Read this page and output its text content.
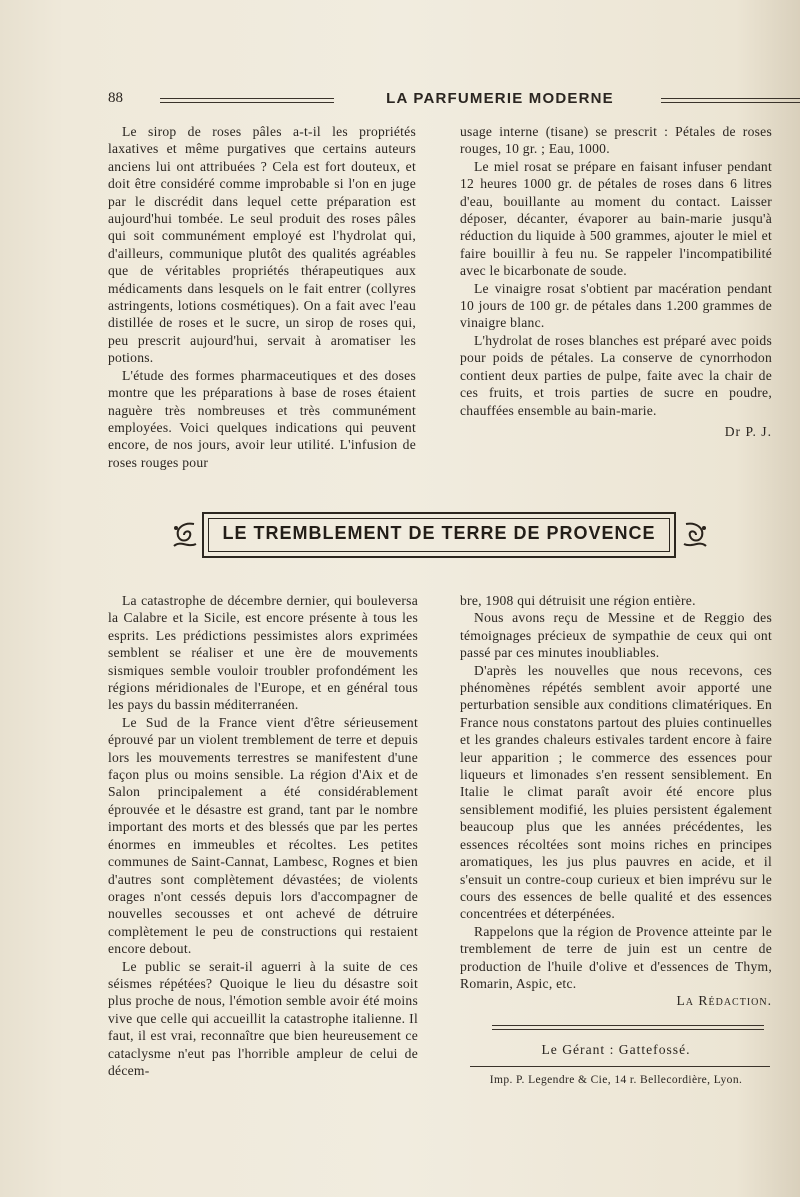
88	LA PARFUMERIE MODERNE

Le sirop de roses pâles a-t-il les propriétés laxatives et même purgatives que certains auteurs anciens lui ont attribuées ? Cela est fort douteux, et doit être considéré comme improbable si l'on en juge par le discrédit dans lequel cette préparation est aujourd'hui tombée. Le seul produit des roses pâles qui soit communément employé est l'hydrolat qui, d'ailleurs, communique plutôt des qualités agréables que de véritables propriétés thérapeutiques aux médicaments dans lesquels on le fait entrer (collyres astringents, lotions cosmétiques). On a fait avec l'eau distillée de roses et le sucre, un sirop de roses qui, peu prescrit aujourd'hui, servait à aromatiser les potions.

L'étude des formes pharmaceutiques et des doses montre que les préparations à base de roses étaient naguère très nombreuses et très communément employées. Voici quelques indications qui peuvent encore, de nos jours, avoir leur utilité. L'infusion de roses rouges pour

usage interne (tisane) se prescrit : Pétales de roses rouges, 10 gr. ; Eau, 1000.

Le miel rosat se prépare en faisant infuser pendant 12 heures 1000 gr. de pétales de roses dans 6 litres d'eau, bouillante au moment du contact. Laisser déposer, décanter, évaporer au bain-marie jusqu'à réduction du liquide à 500 grammes, ajouter le miel et faire bouillir à feu nu. Se rappeler l'incompatibilité avec le bicarbonate de soude.

Le vinaigre rosat s'obtient par macération pendant 10 jours de 100 gr. de pétales dans 1.200 grammes de vinaigre blanc.

L'hydrolat de roses blanches est préparé avec poids pour poids de pétales. La conserve de cynorrhodon contient deux parties de pulpe, faite avec la chair de ces fruits, et trois parties de sucre en poudre, chauffées ensemble au bain-marie.

Dr P. J.
LE TREMBLEMENT DE TERRE DE PROVENCE

La catastrophe de décembre dernier, qui bouleversa la Calabre et la Sicile, est encore présente à tous les esprits. Les prédictions pessimistes alors exprimées semblent se réaliser et une ère de mouvements sismiques semble vouloir troubler profondément les régions méridionales de l'Europe, et en général tous les pays du bassin méditerranéen.

Le Sud de la France vient d'être sérieusement éprouvé par un violent tremblement de terre et depuis lors les mouvements terrestres se manifestent d'une façon plus ou moins sensible. La région d'Aix et de Salon principalement a été considérablement éprouvée et le désastre est grand, tant par le nombre important des morts et des blessés que par les pertes énormes en immeubles et récoltes. Les petites communes de Saint-Cannat, Lambesc, Rognes et bien d'autres sont complètement dévastées; de violents orages n'ont cessés depuis lors d'accompagner de nouvelles secousses et ont achevé de détruire complètement le peu de constructions qui restaient encore debout.

Le public se serait-il aguerri à la suite de ces séismes répétées? Quoique le lieu du désastre soit plus proche de nous, l'émotion semble avoir été moins vive que celle qui accueillit la catastrophe italienne. Il faut, il est vrai, reconnaître que bien heureusement ce cataclysme n'eut pas l'horrible ampleur de celui de décem-

bre, 1908 qui détruisit une région entière.

Nous avons reçu de Messine et de Reggio des témoignages précieux de sympathie de ceux qui ont passé par ces minutes inoubliables.

D'après les nouvelles que nous recevons, ces phénomènes répétés semblent avoir apporté une perturbation sensible aux conditions climatériques. En France nous constatons partout des pluies continuelles et les grandes chaleurs estivales tardent encore à faire leur apparition ; le commerce des essences pour liqueurs et limonades s'en ressent sensiblement. En Italie le climat paraît avoir été encore plus sensiblement modifié, les pluies persistent également beaucoup plus que les années précédentes, les essences récoltées sont moins riches en principes aromatiques, les jus plus pauvres en acide, et il s'ensuit un contre-coup curieux et bien imprévu sur le cours des essences de belle qualité et des essences concentrées et déterpénées.

Rappelons que la région de Provence atteinte par le tremblement de terre de juin est un centre de production de l'huile d'olive et d'essences de Thym, Romarin, Aspic, etc.

La Rédaction.
Le Gérant : Gattefossé.
Imp. P. Legendre & Cie, 14 r. Bellecordière, Lyon.
